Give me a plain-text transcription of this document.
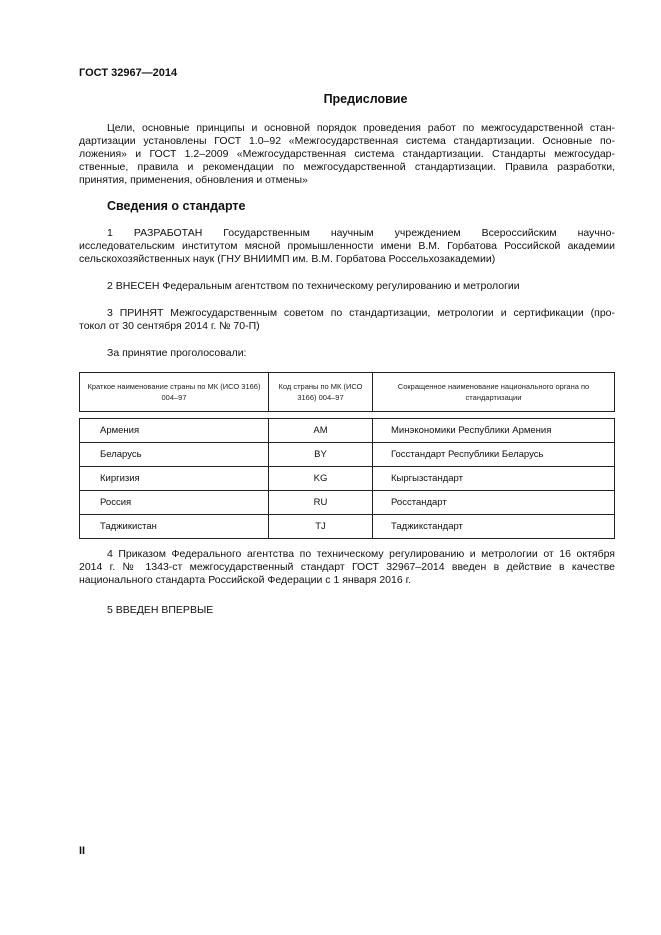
ГОСТ 32967—2014
Предисловие
Цели, основные принципы и основной порядок проведения работ по межгосударственной стан-
дартизации установлены ГОСТ 1.0–92 «Межгосударственная система стандартизации. Основные по-
ложения» и ГОСТ 1.2–2009 «Межгосударственная система стандартизации. Стандарты межгосудар-
ственные, правила и рекомендации по межгосударственной стандартизации. Правила разработки,
принятия, применения, обновления и отмены»
Сведения о стандарте
1 РАЗРАБОТАН Государственным научным учреждением Всероссийским научно-
исследовательским институтом мясной промышленности имени В.М. Горбатова Российской академии
сельскохозяйственных наук (ГНУ ВНИИМП им. В.М. Горбатова Россельхозакадемии)
2 ВНЕСЕН Федеральным агентством по техническому регулированию и метрологии
3 ПРИНЯТ Межгосударственным советом по стандартизации, метрологии и сертификации (про-
токол от 30 сентября 2014 г. № 70-П)
За принятие проголосовали:
Краткое наименование страны по МК (ИСО 3166) 004–97	Код страны по МК (ИСО 3166) 004–97	Сокращенное наименование национального органа по стандартизации

Армения	AM	Минэкономики Республики Армения
Беларусь	BY	Госстандарт Республики Беларусь
Киргизия	KG	Кыргызстандарт
Россия	RU	Росстандарт
Таджикистан	TJ	Таджикстандарт
4 Приказом Федерального агентства по техническому регулированию и метрологии от 16 октября
2014 г. № 1343-ст межгосударственный стандарт ГОСТ 32967–2014 введен в действие в качестве
национального стандарта Российской Федерации с 1 января 2016 г.
5 ВВЕДЕН ВПЕРВЫЕ
II
